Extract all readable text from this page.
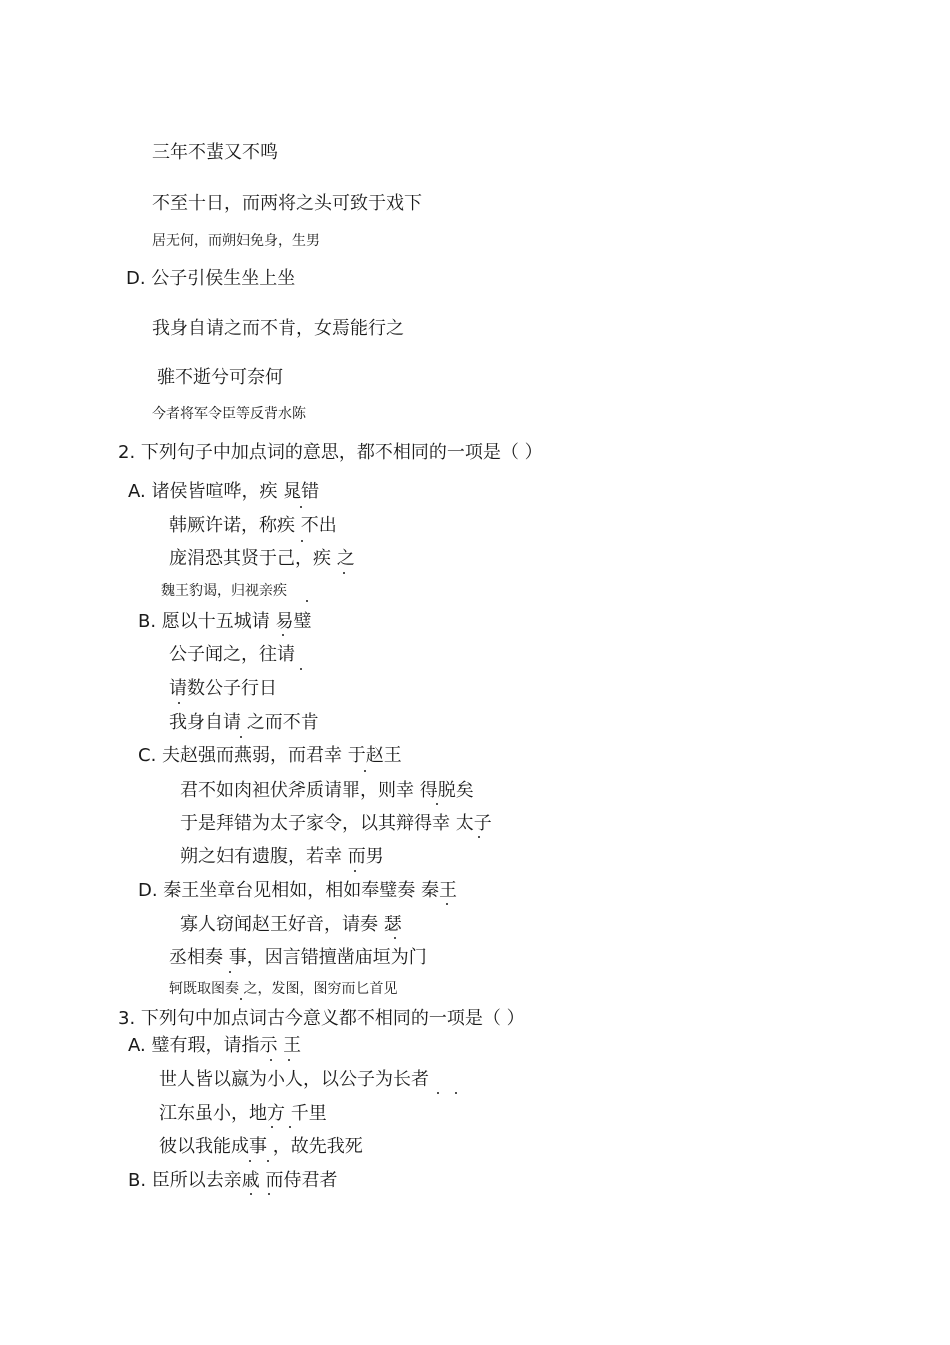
三年不蜚又不鸣
不至十日，而两将之头可致于戏下
居无何，而朔妇免身，生男
D. 公子引侯生坐上坐
我身自请之而不肯，女焉能行之
骓不逝兮可奈何
今者将军令臣等反背水陈
2. 下列句子中加点词的意思，都不相同的一项是（ ）
A. 诸侯皆喧哗，疾 晁错
韩厥许诺，称疾 不出
庞涓恐其贤于己，疾 之
魏王豹谒，归视亲疾
B. 愿以十五城请 易璧
公子闻之，往请
请数公子行日
我身自请 之而不肯
C. 夫赵强而燕弱，而君幸 于赵王
君不如肉袒伏斧质请罪，则幸 得脱矣
于是拜错为太子家令，以其辩得幸 太子
朔之妇有遗腹，若幸 而男
D. 秦王坐章台见相如，相如奉璧奏 秦王
寡人窃闻赵王好音，请奏 瑟
丞相奏 事，因言错擅凿庙垣为门
轲既取图奏 之，发图，图穷而匕首见
3. 下列句中加点词古今意义都不相同的一项是（ ）
A. 璧有瑕，请指示 王
世人皆以嬴为小人，以公子为长者
江东虽小，地方 千里
彼以我能成事 ，故先我死
B. 臣所以去亲戚 而侍君者
